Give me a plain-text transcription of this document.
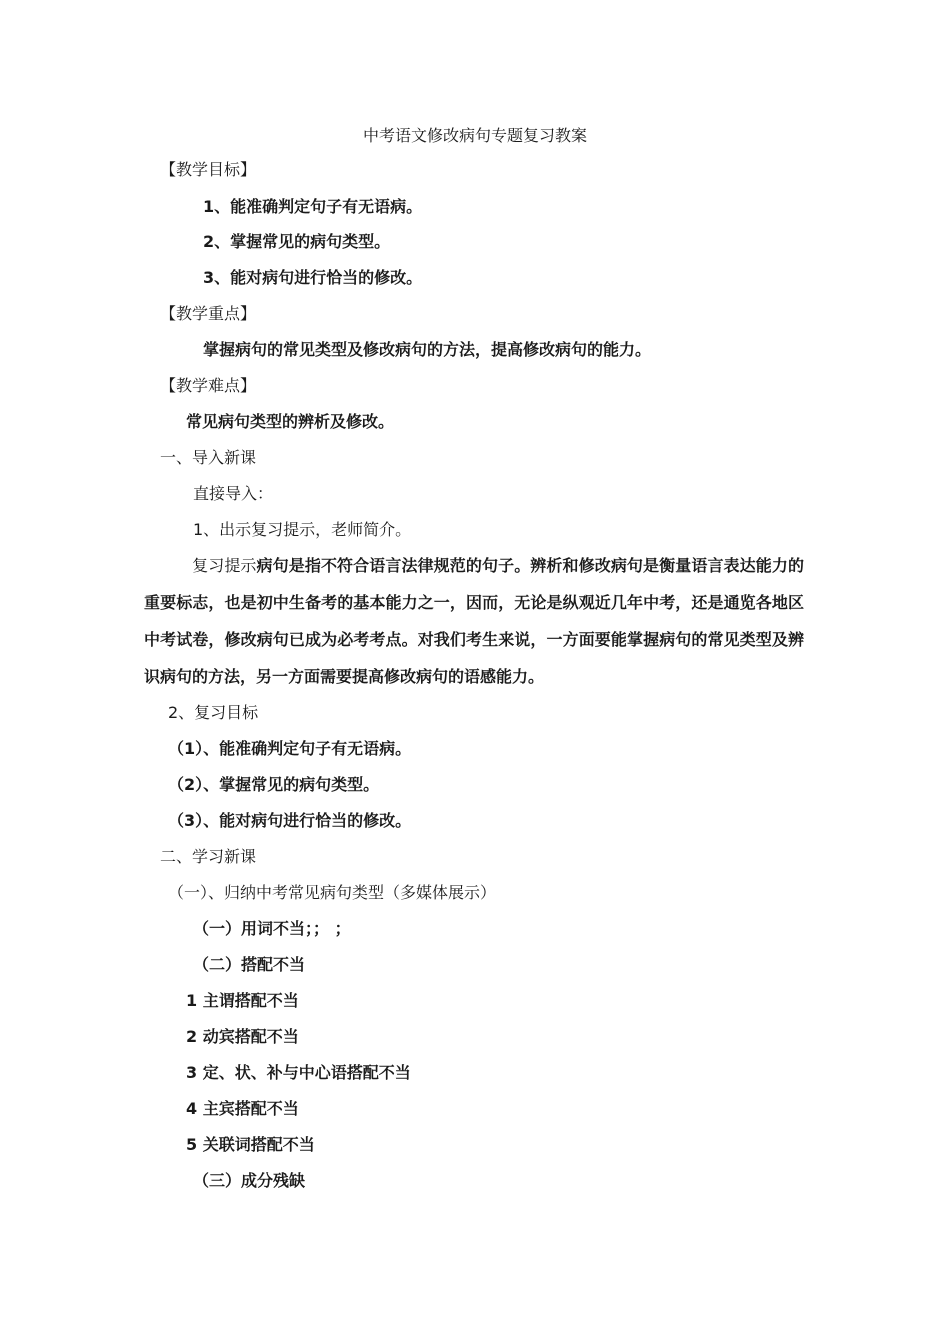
中考语文修改病句专题复习教案
【教学目标】
1、能准确判定句子有无语病。
2、掌握常见的病句类型。
3、能对病句进行恰当的修改。
【教学重点】
掌握病句的常见类型及修改病句的方法，提高修改病句的能力。
【教学难点】
常见病句类型的辨析及修改。
一、导入新课
直接导入：
1、出示复习提示，老师简介。
复习提示病句是指不符合语言法律规范的句子。辨析和修改病句是衡量语言表达能力的重要标志，也是初中生备考的基本能力之一，因而，无论是纵观近几年中考，还是通览各地区中考试卷，修改病句已成为必考考点。对我们考生来说，一方面要能掌握病句的常见类型及辨识病句的方法，另一方面需要提高修改病句的语感能力。
2、复习目标
（1）、能准确判定句子有无语病。
（2）、掌握常见的病句类型。
（3）、能对病句进行恰当的修改。
二、学习新课
（一）、归纳中考常见病句类型（多媒体展示）
（一）用词不当；； ；
（二）搭配不当
1 主谓搭配不当
2 动宾搭配不当
3 定、状、补与中心语搭配不当
4 主宾搭配不当
5 关联词搭配不当
（三）成分残缺
